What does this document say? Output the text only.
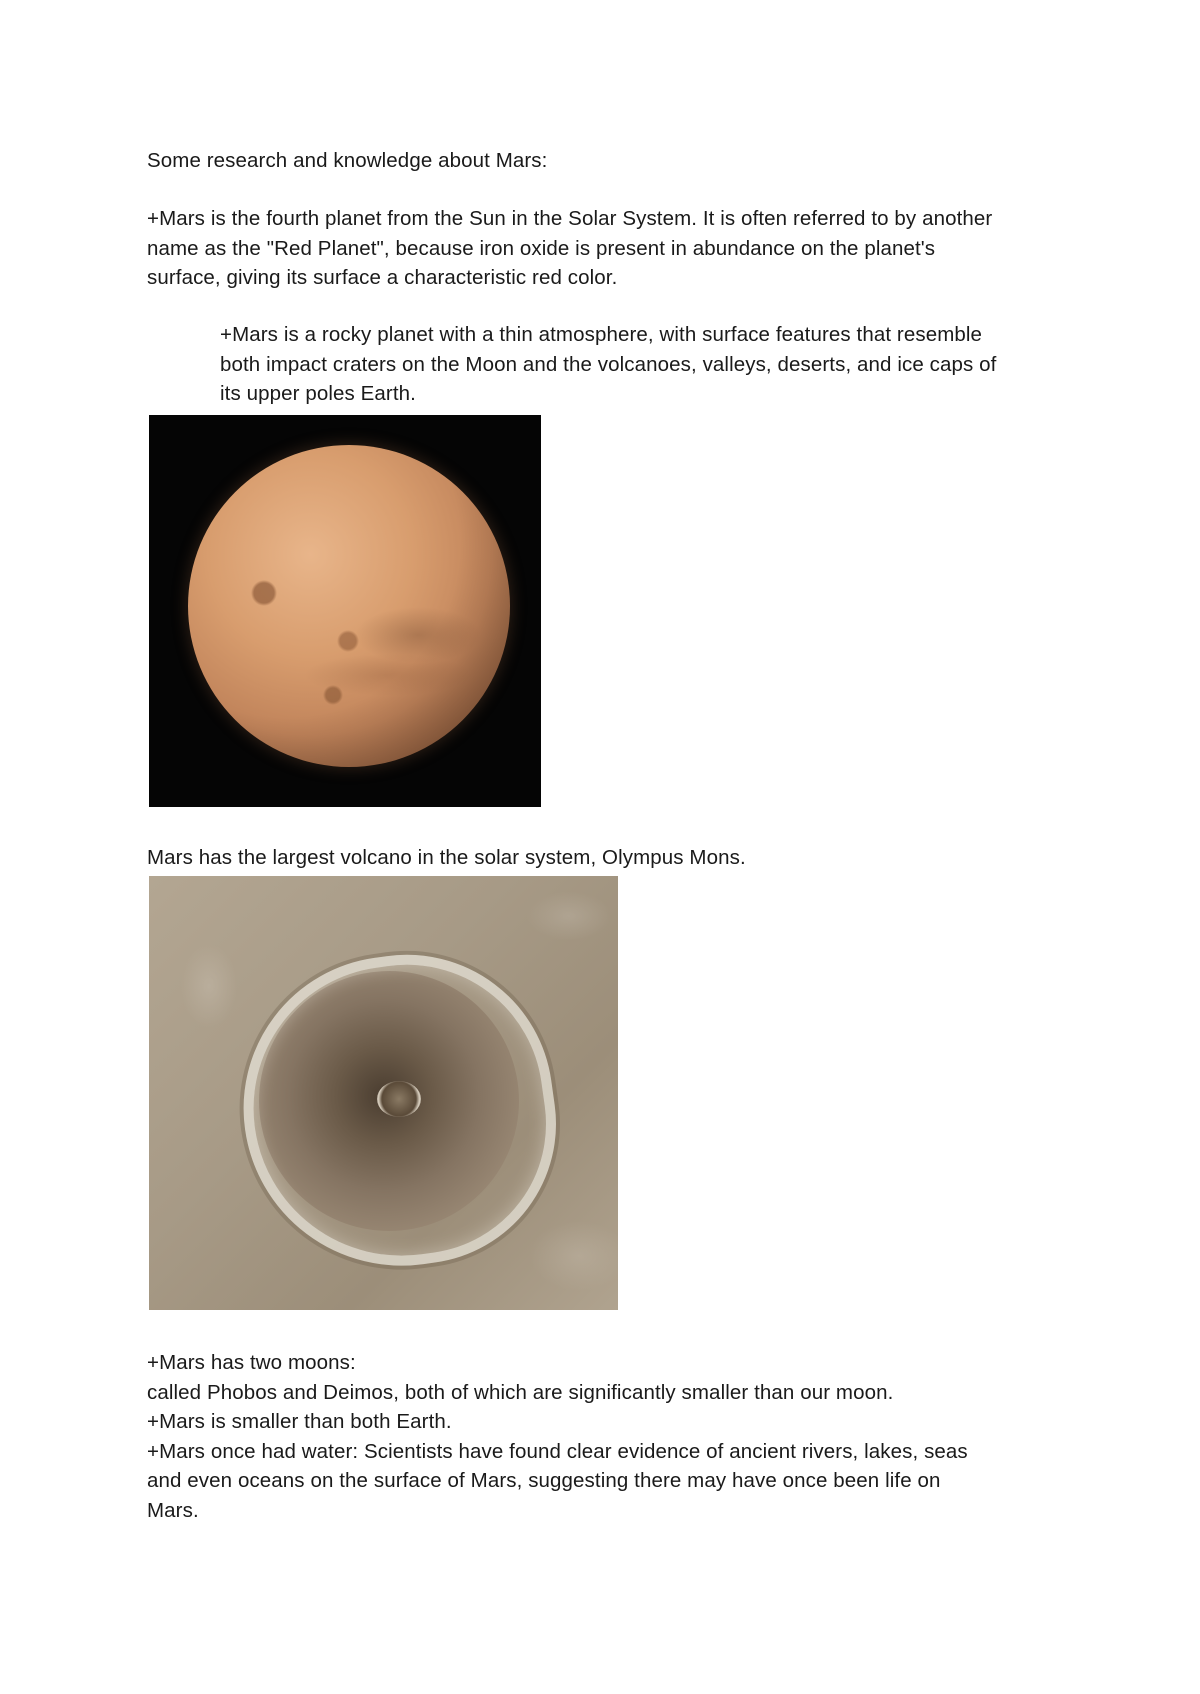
Some research and knowledge about Mars:

+Mars is the fourth planet from the Sun in the Solar System. It is often referred to by another
name as the "Red Planet", because iron oxide is present in abundance on the planet's
surface, giving its surface a characteristic red color.

+Mars is a rocky planet with a thin atmosphere, with surface features that resemble
both impact craters on the Moon and the volcanoes, valleys, deserts, and ice caps of
its upper poles Earth.

Mars has the largest volcano in the solar system, Olympus Mons.

+Mars has two moons:
called Phobos and Deimos, both of which are significantly smaller than our moon.
+Mars is smaller than both Earth.
+Mars once had water: Scientists have found clear evidence of ancient rivers, lakes, seas
and even oceans on the surface of Mars, suggesting there may have once been life on
Mars.
